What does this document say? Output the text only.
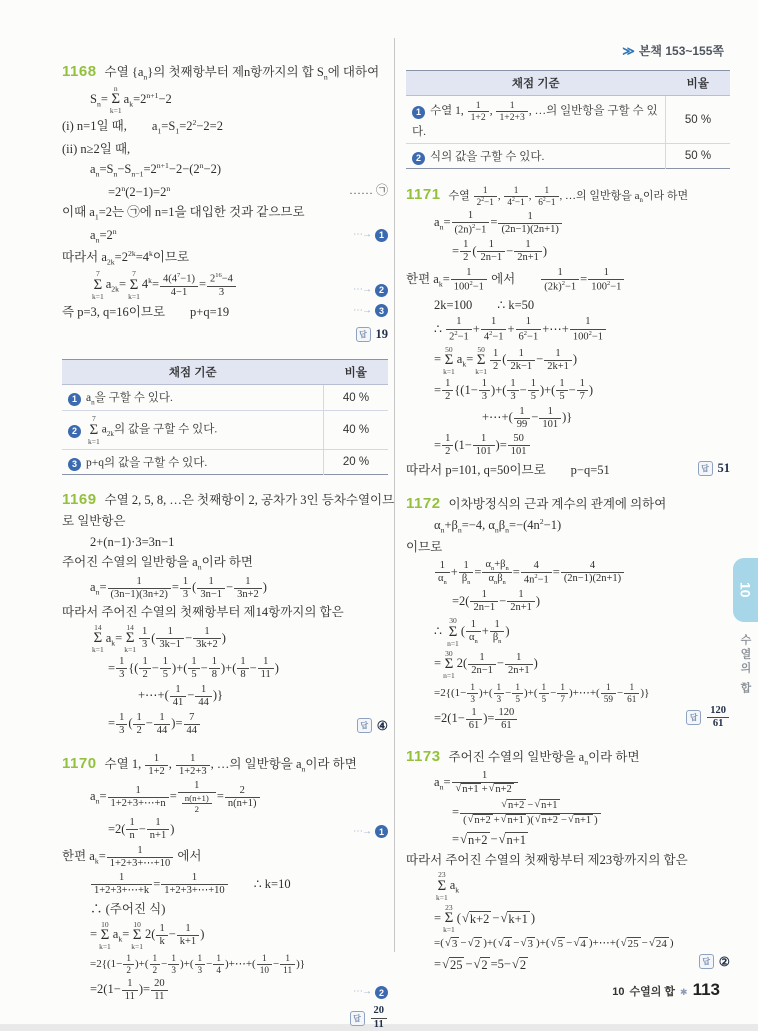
≫ 본책 153~155쪽
1168 수열 $\{a_n\}$의 첫째항부터 제n항까지의 합 $S_n$에 대하여
$S_n=$
n
Σ
k=1
$a_k=2^{n+1}-2$
(i) n=1일 때,  $a_1=S_1=2^2-2=2$
(ii) n≥2일 때,
$a_n=S_n-S_{n-1}=2^{n+1}-2-(2^n-2)$
$=2^n(2-1)=2^n$	…… ㉠
이때 $a_1=2$는 ㉠에 n=1을 대입한 것과 같으므로
$a_n=2^n$	⋯→ 1
따라서 $a_{2k}=2^{2k}=4^k$이므로
7
Σ
k=1
$a_{2k}=$
7
Σ
k=1
$4^k= \frac{4(4^7-1)}{4-1} = \frac{2^{16}-4}{3}$	⋯→ 2
즉 p=3, q=16이므로  p+q=19	⋯→ 3
답 19
채점 기준	비율
1 $a_n$을 구할 수 있다.	40 %
2
7
Σ
k=1
$a_{2k}$의 값을 구할 수 있다.	40 %
3 p+q의 값을 구할 수 있다.	20 %
1169 수열 2, 5, 8, …은 첫째항이 2, 공차가 3인 등차수열이므
로 일반항은
2+(n−1)·3=3n−1
주어진 수열의 일반항을 $a_n$이라 하면
$a_n= \frac{1}{(3n-1)(3n+2)} = \frac{1}{3}$ ( $\frac{1}{3n-1} - \frac{1}{3n+2}$ )
따라서 주어진 수열의 첫째항부터 제14항까지의 합은
14
Σ
k=1
$a_k=$
14
Σ
$k=1 \frac{1}{3}$ ( $\frac{1}{3k-1} - \frac{1}{3k+2}$ )
= $\frac{1}{3}$ {( $\frac{1}{2} - \frac{1}{5}$ )+( $\frac{1}{5} - \frac{1}{8}$ )+( $\frac{1}{8} - \frac{1}{11}$ )
+⋯+( $\frac{1}{41} - \frac{1}{44}$ )}
= $\frac{1}{3}$ ( $\frac{1}{2} - \frac{1}{44}$ )= $\frac{7}{44}$	답 ④
1170 수열 1, $\frac{1}{1+2}$ , $\frac{1}{1+2+3}$ , …의 일반항을 $a_n$이라 하면
$a_n= \frac{1}{1+2+3+\cdots+n} = \frac{1}{\frac{n(n+1)}{2}} = \frac{2}{n(n+1)}$
$=2( \frac{1}{n} - \frac{1}{n+1}$ )	⋯→ 1
한편 $a_k= \frac{1}{1+2+3+\cdots+10}$ 에서
$\frac{1}{1+2+3+\cdots+k} = \frac{1}{1+2+3+\cdots+10}$   ∴ k=10
∴ (주어진 식)
=
10
Σ
k=1
$a_k=$
10
Σ
k=1
$2( \frac{1}{k} - \frac{1}{k+1}$ )
$=2\{(1- \frac{1}{2}$ )+( $\frac{1}{2} - \frac{1}{3}$ )+( $\frac{1}{3} - \frac{1}{4}$ )+⋯+( $\frac{1}{10} - \frac{1}{11}$ )}
$=2(1- \frac{1}{11}$ )= $\frac{20}{11}$	⋯→ 2
답 $\frac{20}{11}$
채점 기준	비율
1 수열 1, $\frac{1}{1+2}$ , $\frac{1}{1+2+3}$ , …의 일반항을 구할 수 있다.	50 %
2 식의 값을 구할 수 있다.	50 %
1171 수열 $\frac{1}{2^2-1}$ , $\frac{1}{4^2-1}$ , $\frac{1}{6^2-1}$ , …의 일반항을 $a_n$이라 하면
$a_n= \frac{1}{(2n)^2-1} = \frac{1}{(2n-1)(2n+1)}$
= $\frac{1}{2}$ ( $\frac{1}{2n-1} - \frac{1}{2n+1}$ )
한편 $a_k= \frac{1}{100^2-1}$ 에서   $\frac{1}{(2k)^2-1} = \frac{1}{100^2-1}$
2k=100  ∴ k=50
∴ $\frac{1}{2^2-1} + \frac{1}{4^2-1} + \frac{1}{6^2-1}$ +⋯+ $\frac{1}{100^2-1}$
=
50
Σ
k=1
$a_k=$
50
Σ
$k=1 \frac{1}{2}$ ( $\frac{1}{2k-1} - \frac{1}{2k+1}$ )
= $\frac{1}{2} \{(1- \frac{1}{3}$ )+( $\frac{1}{3} - \frac{1}{5}$ )+( $\frac{1}{5} - \frac{1}{7}$ )
+⋯+( $\frac{1}{99} - \frac{1}{101}$ )}
= $\frac{1}{2} (1- \frac{1}{101}$ )= $\frac{50}{101}$
따라서 p=101, q=50이므로  p−q=51	답 51
1172 이차방정식의 근과 계수의 관계에 의하여
$\alpha_n+\beta_n=-4$, $\alpha_n\beta_n=-(4n^2-1)$
이므로
$\frac{1}{\alpha_n} + \frac{1}{\beta_n} = \frac{\alpha_n+\beta_n}{\alpha_n\beta_n} = \frac{4}{4n^2-1} = \frac{4}{(2n-1)(2n+1)}$
$=2( \frac{1}{2n-1} - \frac{1}{2n+1}$ )
∴
30
Σ
n=1
( $\frac{1}{\alpha_n} + \frac{1}{\beta_n}$ )
=
30
Σ
n=1
$2( \frac{1}{2n-1} - \frac{1}{2n+1}$ )
$=2\{(1- \frac{1}{3}$ )+( $\frac{1}{3} - \frac{1}{5}$ )+( $\frac{1}{5} - \frac{1}{7}$ )+⋯+( $\frac{1}{59} - \frac{1}{61}$ )}
$=2(1- \frac{1}{61}$ )= $\frac{120}{61}$	답 $\frac{120}{61}$
1173 주어진 수열의 일반항을 $a_n$이라 하면
$a_n= \frac{1}{√ n+1 + √ n+2}$
= $\frac{√ n+2 - √ n+1}{( √ n+2 + √ n+1 )( √ n+2 - √ n+1 )}$
= √ n+2 − √ n+1
따라서 주어진 수열의 첫째항부터 제23항까지의 합은
23
Σ
k=1
$a_k$
=
23
Σ
k=1
( √ k+2 − √ k+1 )
=( √ 3 − √ 2 )+( √ 4 − √ 3 )+( √ 5 − √ 4 )+⋯+( √ 25 − √ 24 )
= √ 25 − √ 2 =5− √ 2	답 ②
10
수열의 합
10 수열의 합 ✱ 113
